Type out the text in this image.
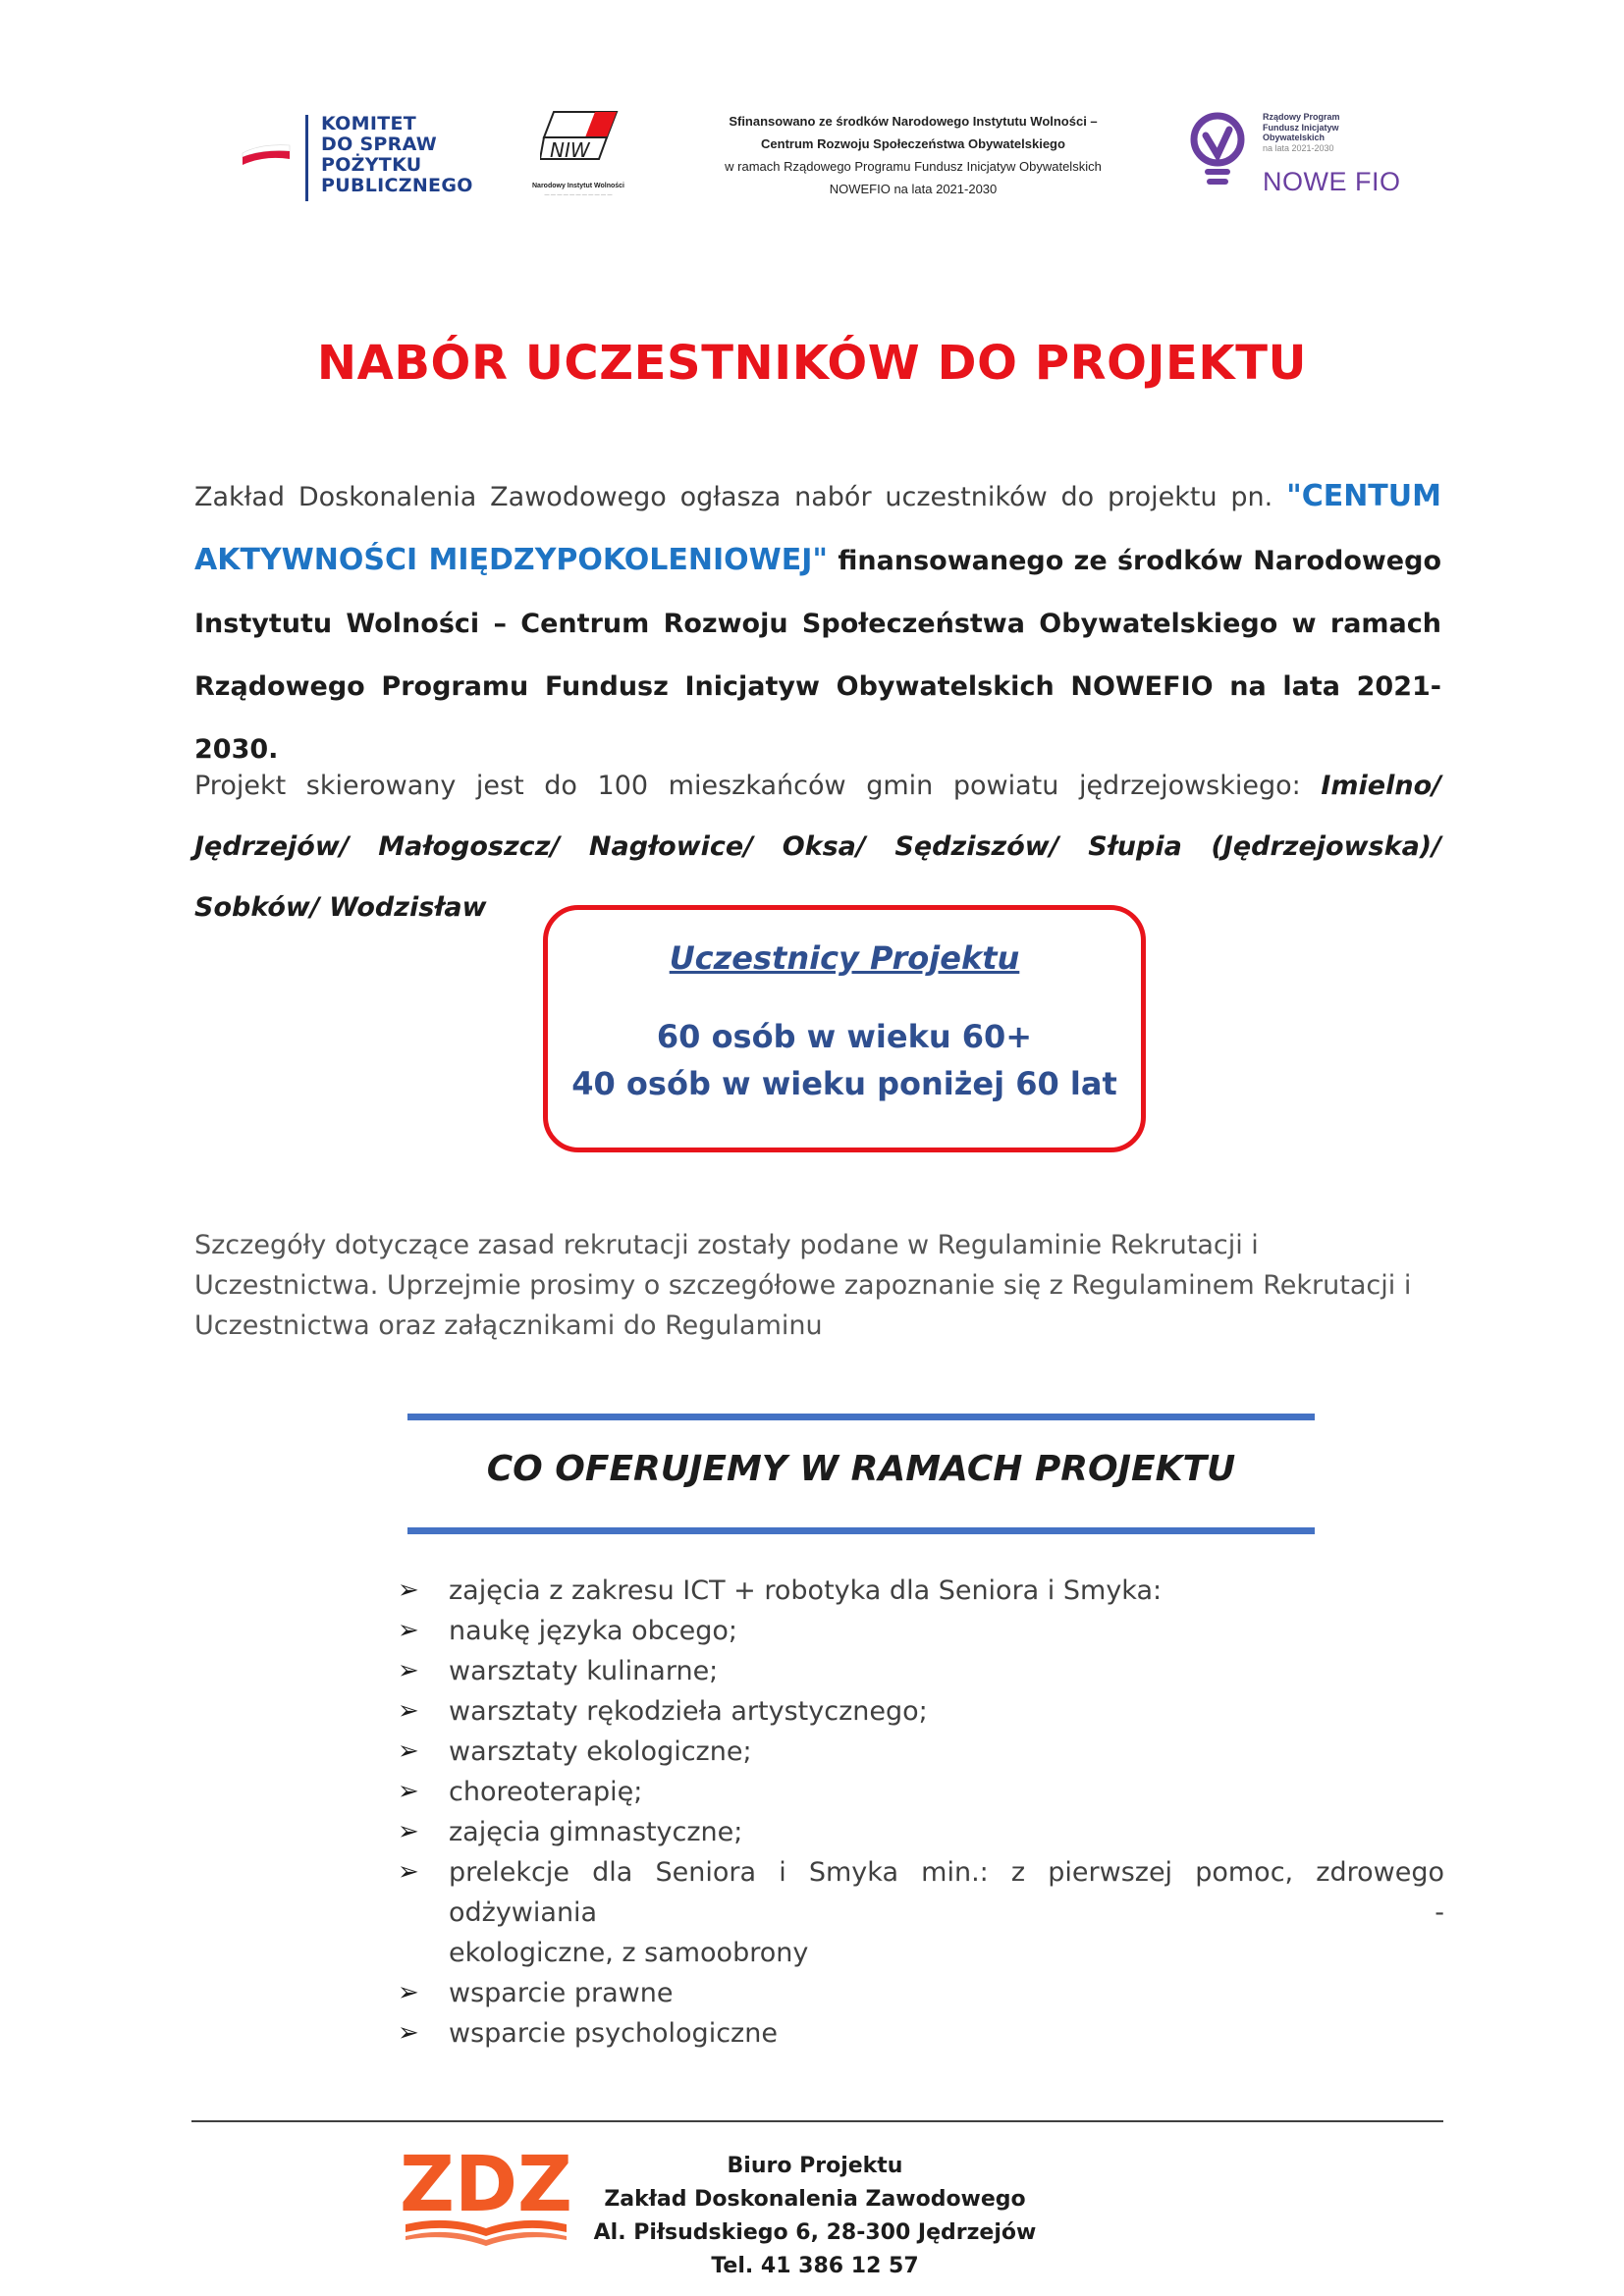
KOMITET
DO SPRAW
POŻYTKU
PUBLICZNEGO
NIW
Narodowy Instytut Wolności
— — — — — — — — — — —
Sfinansowano ze środków Narodowego Instytutu Wolności –
Centrum Rozwoju Społeczeństwa Obywatelskiego
w ramach Rządowego Programu Fundusz Inicjatyw Obywatelskich
NOWEFIO na lata 2021-2030
Rządowy Program
Fundusz Inicjatyw
Obywatelskich
na lata 2021-2030
NOWE FIO
NABÓR UCZESTNIKÓW DO PROJEKTU
Zakład Doskonalenia Zawodowego ogłasza nabór uczestników do projektu pn. "CENTUM AKTYWNOŚCI MIĘDZYPOKOLENIOWEJ" finansowanego ze środków Narodowego Instytutu Wolności – Centrum Rozwoju Społeczeństwa Obywatelskiego w ramach Rządowego Programu Fundusz Inicjatyw Obywatelskich NOWEFIO na lata 2021-2030.
Projekt skierowany jest do 100 mieszkańców gmin powiatu jędrzejowskiego: Imielno/ Jędrzejów/ Małogoszcz/ Nagłowice/ Oksa/ Sędziszów/ Słupia (Jędrzejowska)/ Sobków/ Wodzisław
Uczestnicy Projektu
60 osób w wieku 60+
40 osób w wieku poniżej 60 lat
Szczegóły dotyczące zasad rekrutacji zostały podane w Regulaminie Rekrutacji i
Uczestnictwa. Uprzejmie prosimy o szczegółowe zapoznanie się z Regulaminem Rekrutacji i
Uczestnictwa oraz załącznikami do Regulaminu
CO OFERUJEMY W RAMACH PROJEKTU
➢	zajęcia z zakresu ICT + robotyka dla Seniora i Smyka:
➢	naukę języka obcego;
➢	warsztaty kulinarne;
➢	warsztaty rękodzieła artystycznego;
➢	warsztaty ekologiczne;
➢	choreoterapię;
➢	zajęcia gimnastyczne;
➢	prelekcje dla Seniora i Smyka min.: z pierwszej pomoc, zdrowego
odżywiania	-
ekologiczne, z samoobrony
➢	wsparcie prawne
➢	wsparcie psychologiczne
ZDZ	Biuro Projektu
Zakład Doskonalenia Zawodowego
Al. Piłsudskiego 6, 28-300 Jędrzejów
Tel. 41 386 12 57
